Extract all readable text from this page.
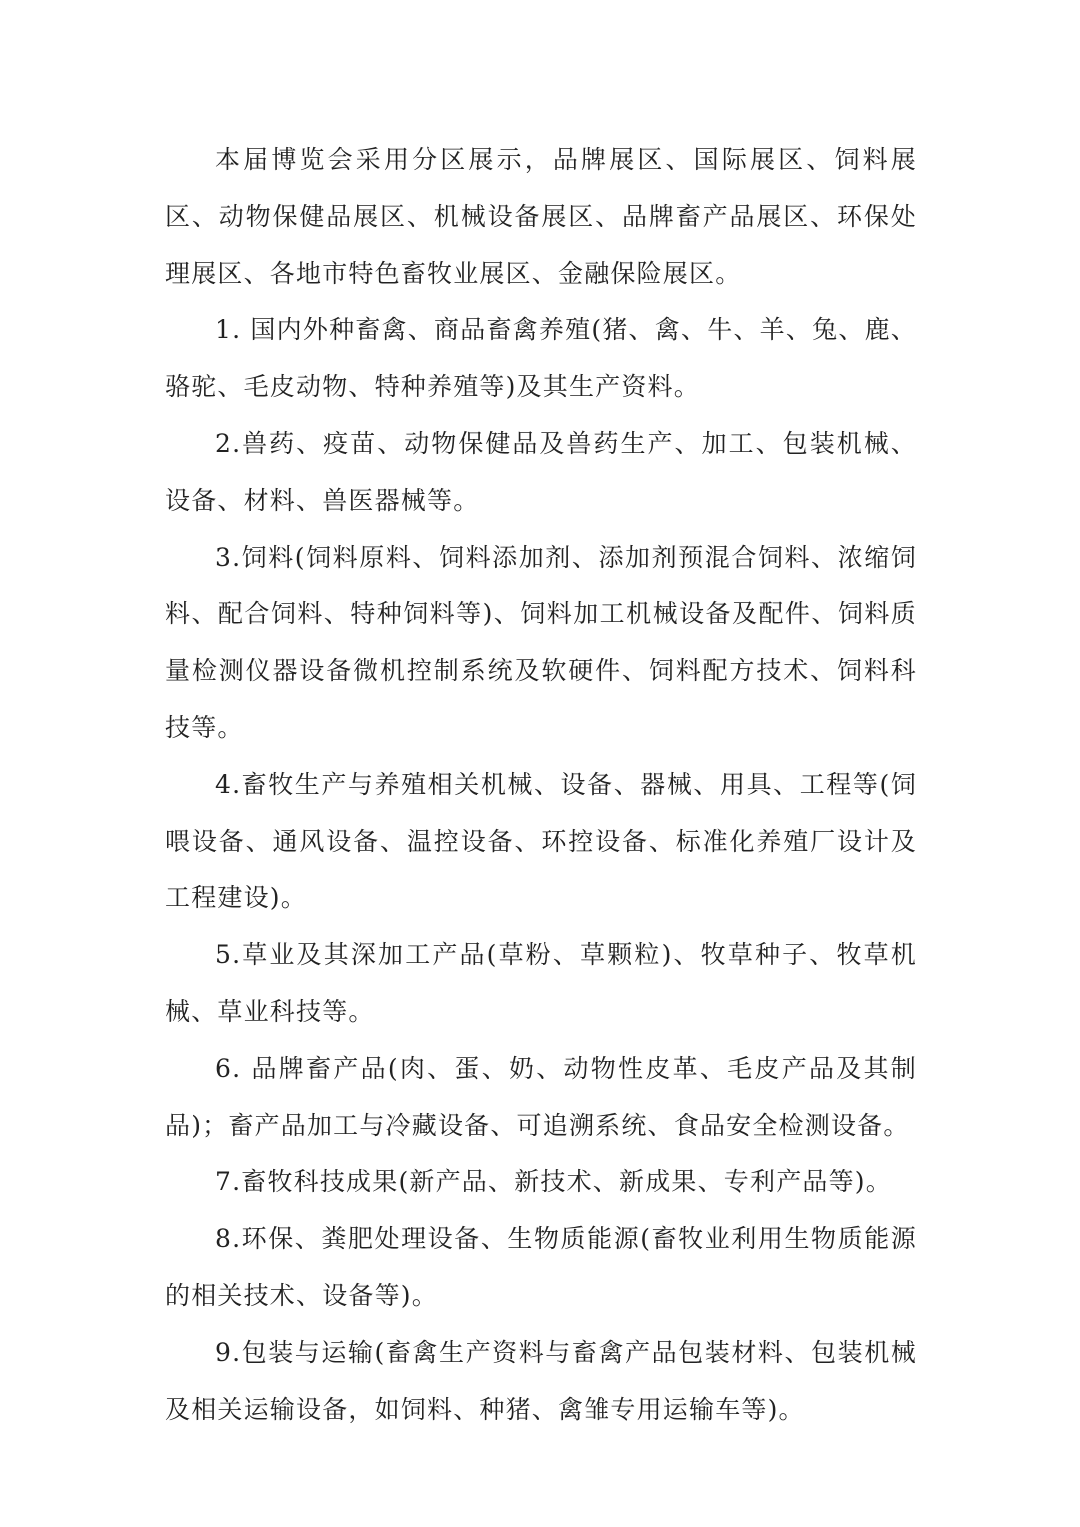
本届博览会采用分区展示，品牌展区、国际展区、饲料展区、动物保健品展区、机械设备展区、品牌畜产品展区、环保处理展区、各地市特色畜牧业展区、金融保险展区。

1. 国内外种畜禽、商品畜禽养殖(猪、禽、牛、羊、兔、鹿、骆驼、毛皮动物、特种养殖等)及其生产资料。

2.兽药、疫苗、动物保健品及兽药生产、加工、包装机械、设备、材料、兽医器械等。

3.饲料(饲料原料、饲料添加剂、添加剂预混合饲料、浓缩饲料、配合饲料、特种饲料等)、饲料加工机械设备及配件、饲料质量检测仪器设备微机控制系统及软硬件、饲料配方技术、饲料科技等。

4.畜牧生产与养殖相关机械、设备、器械、用具、工程等(饲喂设备、通风设备、温控设备、环控设备、标准化养殖厂设计及工程建设)。

5.草业及其深加工产品(草粉、草颗粒)、牧草种子、牧草机械、草业科技等。

6. 品牌畜产品(肉、蛋、奶、动物性皮革、毛皮产品及其制品)；畜产品加工与冷藏设备、可追溯系统、食品安全检测设备。

7.畜牧科技成果(新产品、新技术、新成果、专利产品等)。

8.环保、粪肥处理设备、生物质能源(畜牧业利用生物质能源的相关技术、设备等)。

9.包装与运输(畜禽生产资料与畜禽产品包装材料、包装机械及相关运输设备，如饲料、种猪、禽雏专用运输车等)。
